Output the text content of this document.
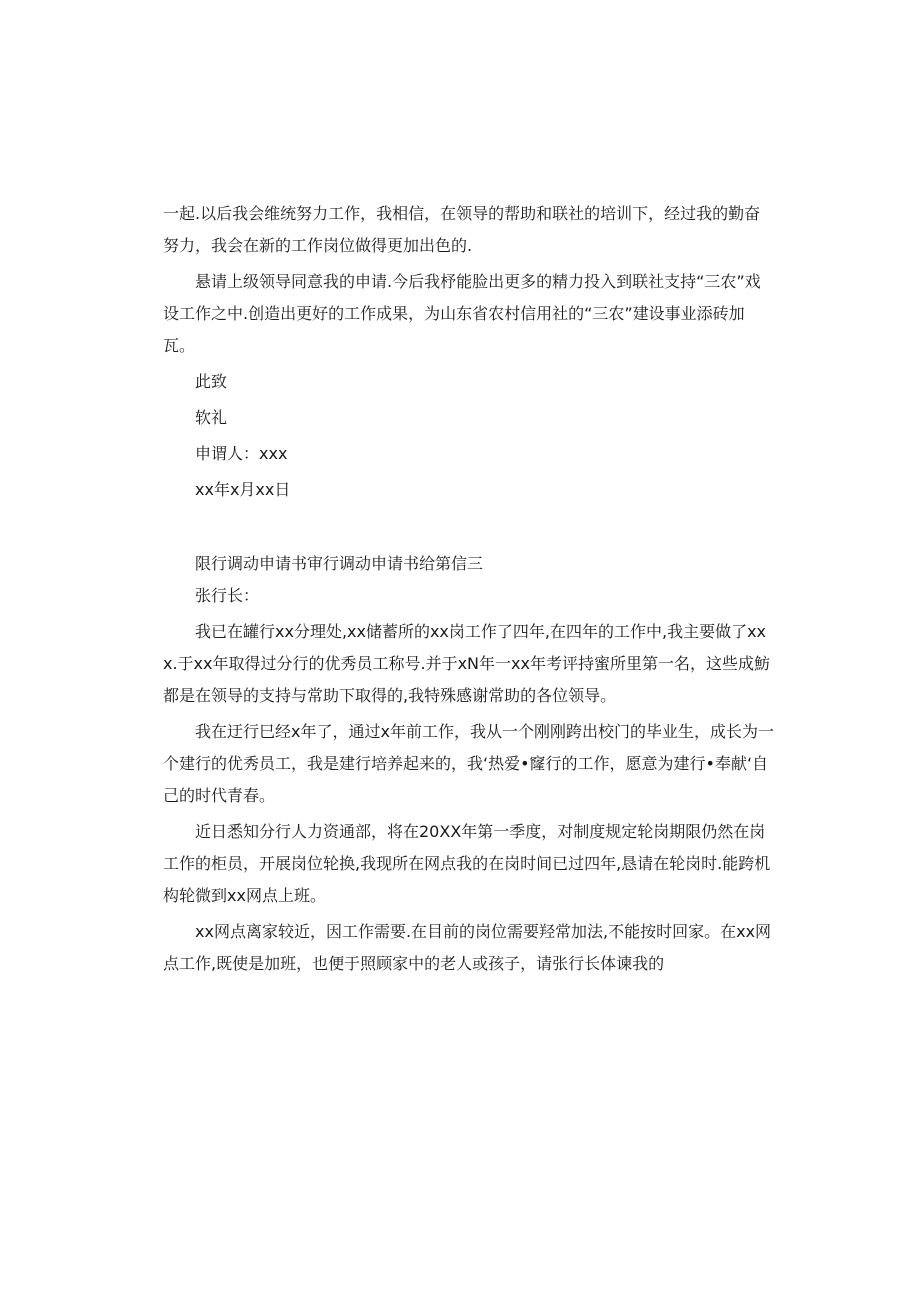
一起.以后我会维统努力工作，我相信，在领导的帮助和联社的培训下，经过我的勤奋努力，我会在新的工作岗位做得更加出色的.

悬请上级领导同意我的申请.今后我杼能脸出更多的精力投入到联社支持“三农”戏设工作之中.创造出更好的工作成果，为山东省农村信用社的“三农”建设事业添砖加瓦。

此致

软礼

申谓人：xxx

xx年x月xx日

限行调动申请书审行调动申请书给第信三

张行长：

我已在罐行xx分理处,xx储蓄所的xx岗工作了四年,在四年的工作中,我主要做了xxx.于xx年取得过分行的优秀员工称号.并于xN年一xx年考评持蜜所里第一名，这些成魴都是在领导的支持与常助下取得的,我特殊感谢常助的各位领导。

我在迂行巳经x年了，通过x年前工作，我从一个刚刚跨出校门的毕业生，成长为一个建行的优秀员工，我是建行培养起来的，我‘热爱•窿行的工作，愿意为建行•奉献‘自己的时代青春。

近日悉知分行人力资通部，将在20XX年第一季度，对制度规定轮岗期限仍然在岗工作的柜员，开展岗位轮换,我现所在网点我的在岗时间已过四年,恳请在轮岗时.能跨机构轮微到xx网点上班。

xx网点离家较近，因工作需要.在目前的岗位需要羟常加法,不能按时回家。在xx网点工作,既使是加班，也便于照顾家中的老人或孩子，请张行长体谏我的
